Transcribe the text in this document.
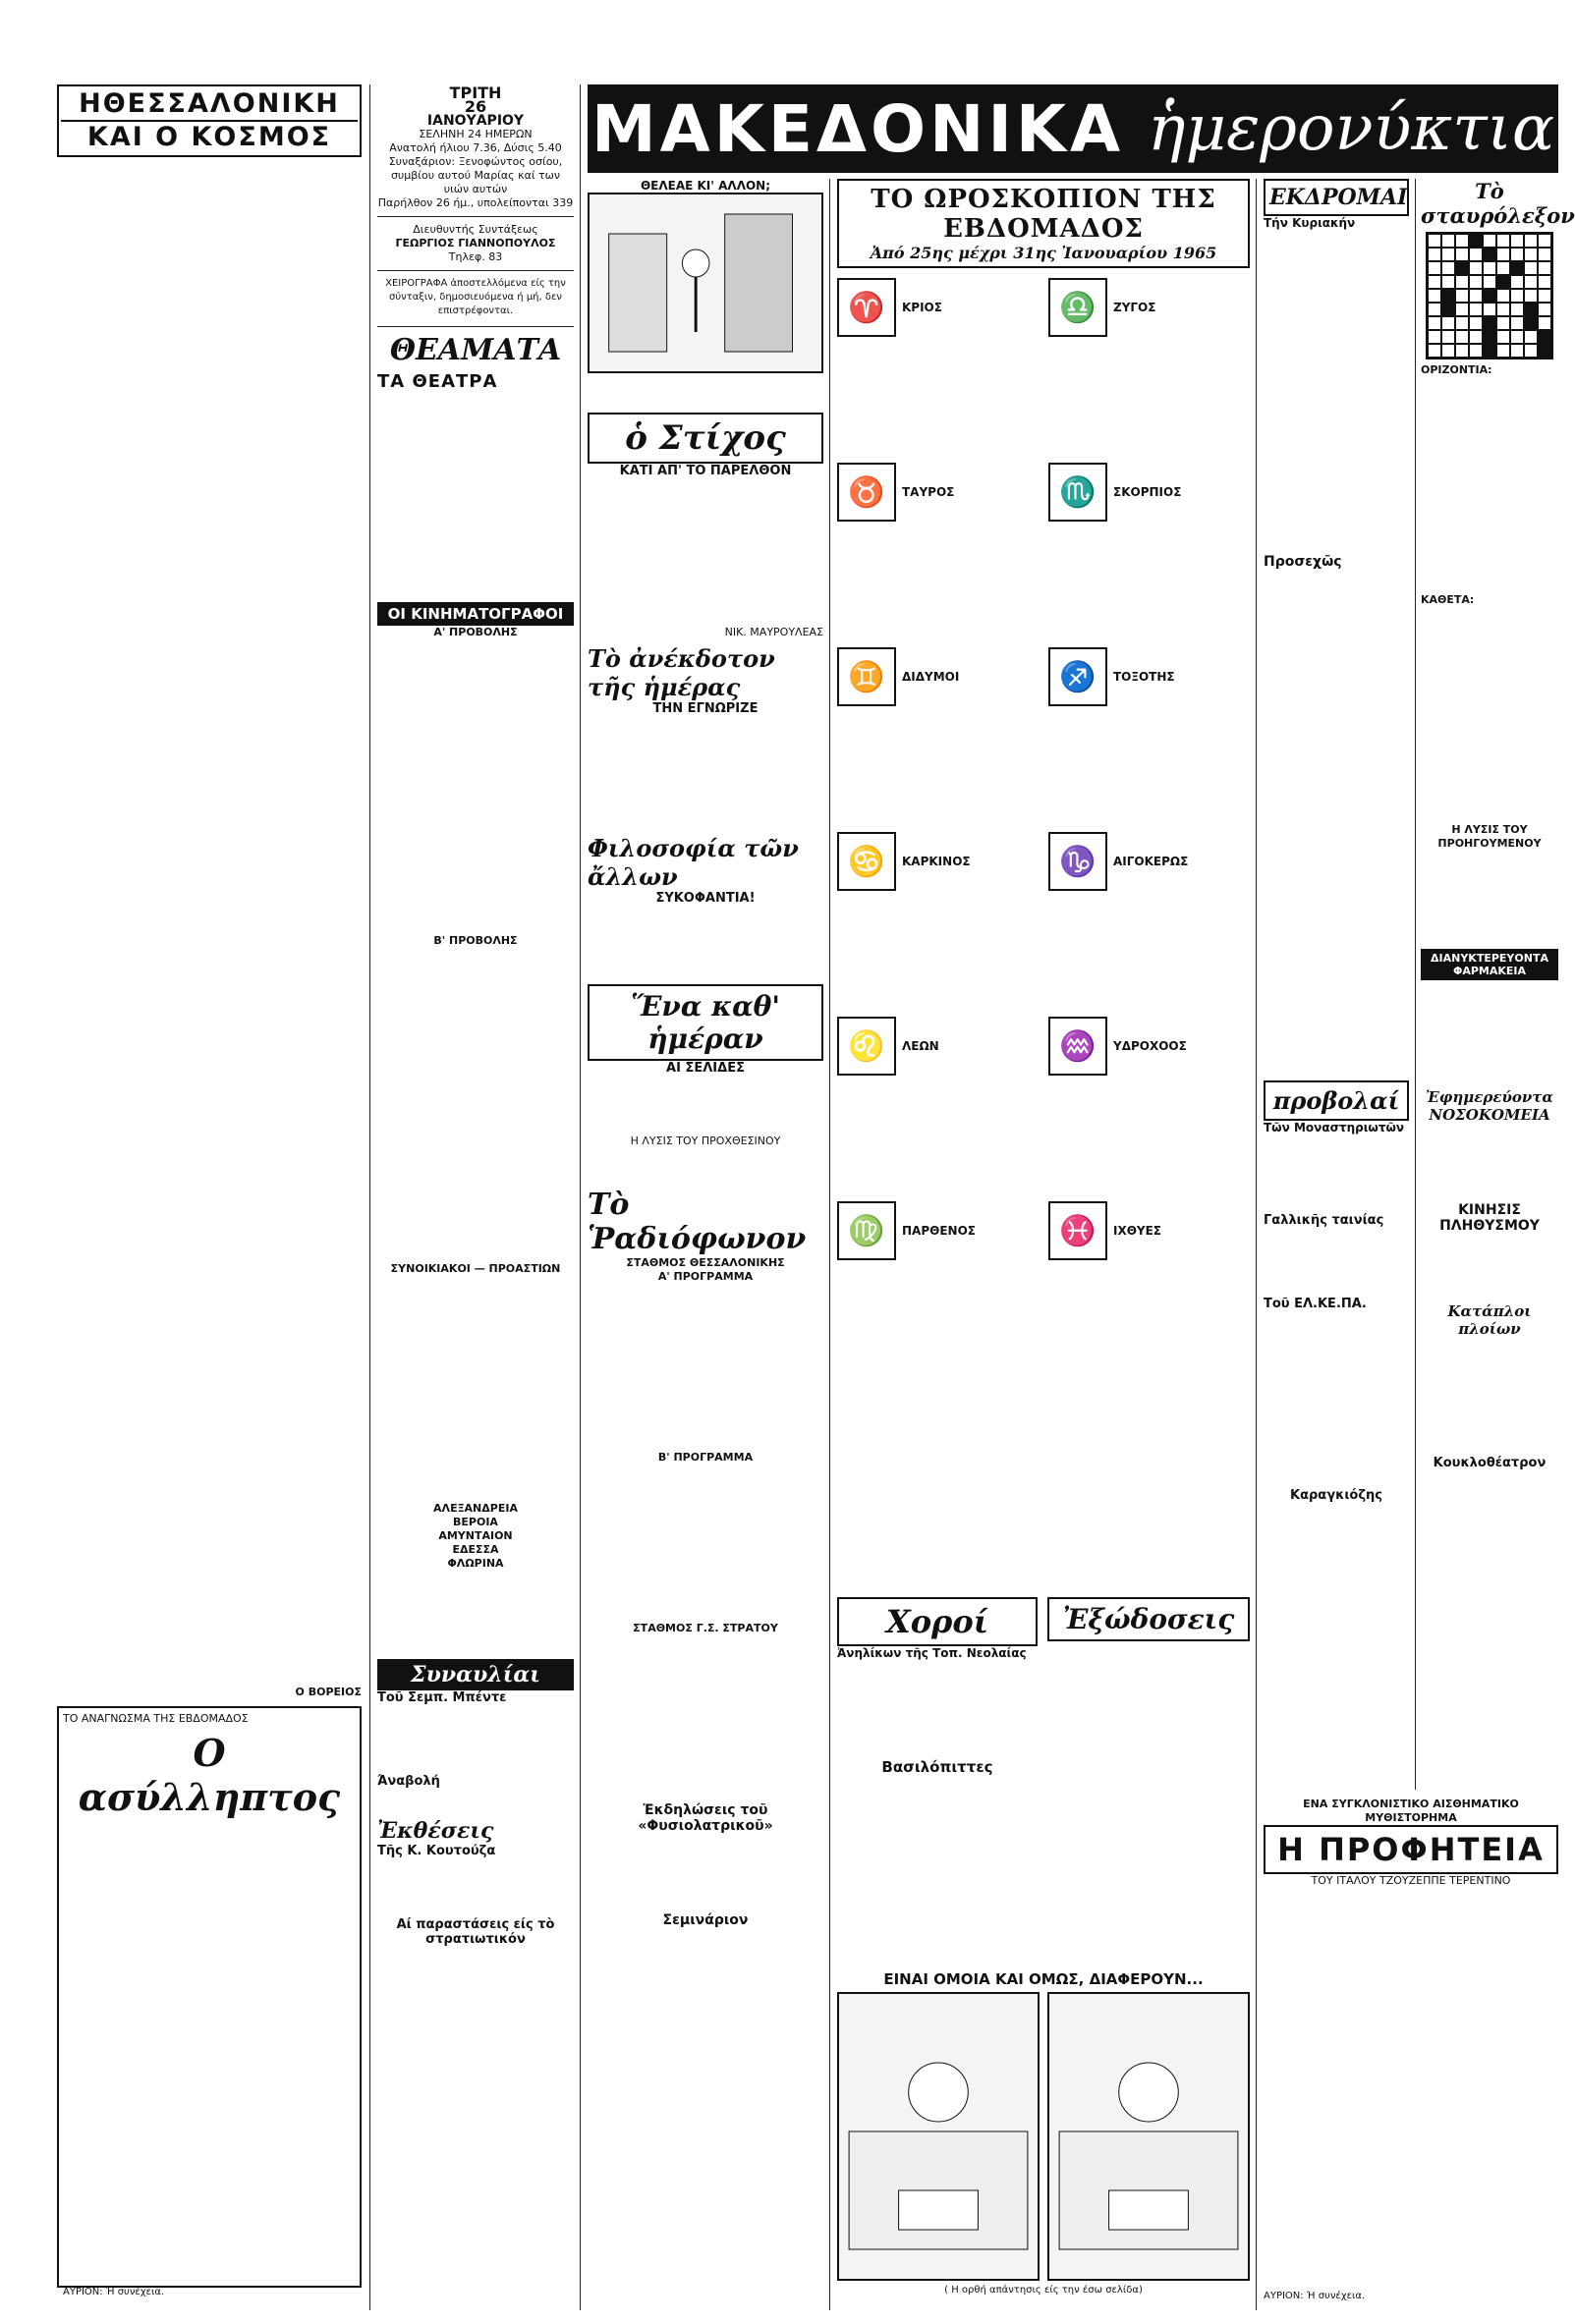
ΗΘΕΣΣΑΛΟΝΙΚΗ
ΚΑΙ Ο ΚΟΣΜΟΣ

Ο ΒΟΡΕΙΟΣ
ΤΟ ΑΝΑΓΝΩΣΜΑ ΤΗΣ ΕΒΔΟΜΑΔΟΣ
Ο ασύλληπτος
ΑΥΡΙΟΝ: Ή συνέχεια.
ΤΡΙΤΗ
26
ΙΑΝΟΥΑΡΙΟΥ
ΣΕΛΗΝΗ 24 ΗΜΕΡΩΝ
Ανατολή ήλιου 7.36, Δύσις 5.40
Συναξάριον: Ξενοφώντος οσίου, συμβίου αυτού Μαρίας καί των υιών αυτών
Παρήλθον 26 ήμ., υπολείπονται 339
Διευθυντής Συντάξεως
ΓΕΩΡΓΙΟΣ ΓΙΑΝΝΟΠΟΥΛΟΣ
Τηλεφ. 83
ΧΕΙΡΟΓΡΑΦΑ ἀποστελλόμενα είς την σύνταξιν, δημοσιευόμενα ή μή, δεν επιστρέφονται.
ΘΕΑΜΑΤΑ
ΤΑ ΘΕΑΤΡΑ
ΟΙ ΚΙΝΗΜΑΤΟΓΡΑΦΟΙ
Α' ΠΡΟΒΟΛΗΣ
Β' ΠΡΟΒΟΛΗΣ
ΣΥΝΟΙΚΙΑΚΟΙ — ΠΡΟΑΣΤΙΩΝ
ΑΛΕΞΑΝΔΡΕΙΑ
ΒΕΡΟΙΑ
ΑΜΥΝΤΑΙΟΝ
ΕΔΕΣΣΑ
ΦΛΩΡΙΝΑ
Συναυλίαι
Τοῦ Σεμπ. Μπέντε
Άναβολή
Ἐκθέσεις
Τῆς Κ. Κουτούζα
Αί παραστάσεις είς τὸ στρατιωτικόν
ΜΑΚΕΔΟΝΙΚΑ ἡμερονύκτια
ΘΕΛΕΑΕ ΚΙ' ΑΛΛΟΝ;
ὁ Στίχος
ΚΑΤΙ ΑΠ' ΤΟ ΠΑΡΕΛΘΟΝ
ΝΙΚ. ΜΑΥΡΟΥΛΕΑΣ
Τὸ ἀνέκδοτον τῆς ἡμέρας
ΤΗΝ ΕΓΝΩΡΙΖΕ
Φιλοσοφία τῶν ἄλλων
ΣΥΚΟΦΑΝΤΙΑ!
Ἕνα καθ' ἡμέραν
ΑΙ ΣΕΛΙΔΕΣ
Η ΛΥΣΙΣ ΤΟΥ ΠΡΟΧΘΕΣΙΝΟΥ
Τὸ Ῥαδιόφωνον
ΣΤΑΘΜΟΣ ΘΕΣΣΑΛΟΝΙΚΗΣ
Α' ΠΡΟΓΡΑΜΜΑ
Β' ΠΡΟΓΡΑΜΜΑ
ΣΤΑΘΜΟΣ Γ.Σ. ΣΤΡΑΤΟΥ
Ἐκδηλώσεις τοῦ «Φυσιολατρικοῦ»
Σεμινάριον
ΤΟ ΩΡΟΣΚΟΠΙΟΝ ΤΗΣ ΕΒΔΟΜΑΔΟΣ
Ἀπό 25ης μέχρι 31ης Ἰανουαρίου 1965
♈	ΚΡΙΟΣ	♎	ΖΥΓΟΣ
♉	ΤΑΥΡΟΣ	♏	ΣΚΟΡΠΙΟΣ
♊	ΔΙΔΥΜΟΙ	♐	ΤΟΞΟΤΗΣ
♋	ΚΑΡΚΙΝΟΣ	♑	ΑΙΓΟΚΕΡΩΣ
♌	ΛΕΩΝ	♒	ΥΔΡΟΧΟΟΣ
♍	ΠΑΡΘΕΝΟΣ	♓	ΙΧΘΥΕΣ
Χοροί
Ἀνηλίκων τῆς Τοπ. Νεολαίας
Βασιλόπιττες
Ἐξώδοσεις
ΕΙΝΑΙ ΟΜΟΙΑ ΚΑΙ ΟΜΩΣ, ΔΙΑΦΕΡΟΥΝ...
( Η ορθή απάντησις είς την έσω σελίδα)
ΕΚΔΡΟΜΑΙ
Τήν Κυριακήν
Προσεχῶς
προβολαί
Τῶν Μοναστηριωτῶν
Γαλλικῆς ταινίας
Τοῦ ΕΛ.ΚΕ.ΠΑ.
Καραγκιόζης
Τὸ σταυρόλεξον
ΟΡΙΖΟΝΤΙΑ:
ΚΑΘΕΤΑ:
Η ΛΥΣΙΣ ΤΟΥ ΠΡΟΗΓΟΥΜΕΝΟΥ
ΔΙΑΝΥΚΤΕΡΕΥΟΝΤΑ ΦΑΡΜΑΚΕΙΑ
Ἐφημερεύοντα ΝΟΣΟΚΟΜΕΙΑ
ΚΙΝΗΣΙΣ ΠΛΗΘΥΣΜΟΥ
Κατάπλοι πλοίων
Κουκλοθέατρον
ΕΝΑ ΣΥΓΚΛΟΝΙΣΤΙΚΟ ΑΙΣΘΗΜΑΤΙΚΟ ΜΥΘΙΣΤΟΡΗΜΑ
Η ΠΡΟΦΗΤΕΙΑ
ΤΟΥ ΙΤΑΛΟΥ ΤΖΟΥΖΕΠΠΕ ΤΕΡΕΝΤΙΝΟ
ΑΥΡΙΟΝ: Ή συνέχεια.
